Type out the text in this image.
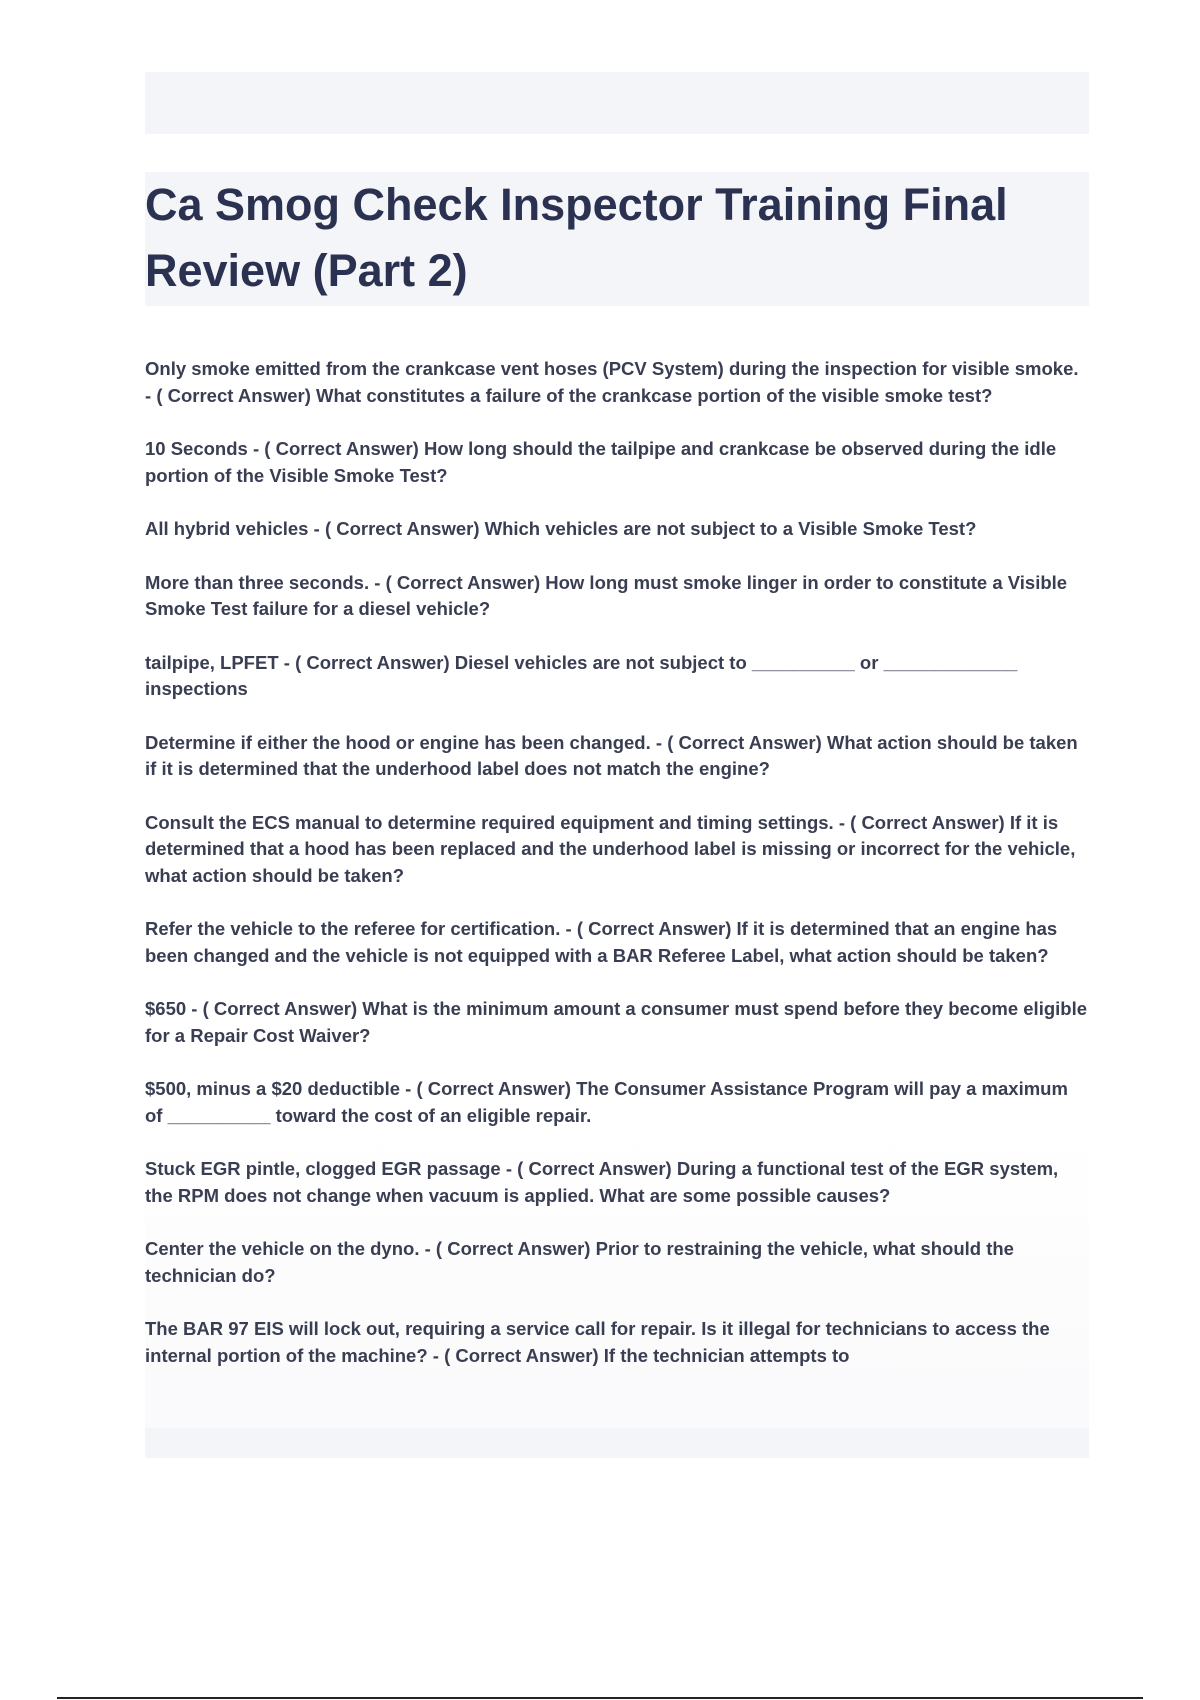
Ca Smog Check Inspector Training Final Review (Part 2)

Only smoke emitted from the crankcase vent hoses (PCV System) during the inspection for visible smoke. - ( Correct Answer) What constitutes a failure of the crankcase portion of the visible smoke test?

10 Seconds - ( Correct Answer) How long should the tailpipe and crankcase be observed during the idle portion of the Visible Smoke Test?

All hybrid vehicles - ( Correct Answer) Which vehicles are not subject to a Visible Smoke Test?

More than three seconds. - ( Correct Answer) How long must smoke linger in order to constitute a Visible Smoke Test failure for a diesel vehicle?

tailpipe, LPFET - ( Correct Answer) Diesel vehicles are not subject to __________ or _____________ inspections

Determine if either the hood or engine has been changed. - ( Correct Answer) What action should be taken if it is determined that the underhood label does not match the engine?

Consult the ECS manual to determine required equipment and timing settings. - ( Correct Answer) If it is determined that a hood has been replaced and the underhood label is missing or incorrect for the vehicle, what action should be taken?

Refer the vehicle to the referee for certification. - ( Correct Answer) If it is determined that an engine has been changed and the vehicle is not equipped with a BAR Referee Label, what action should be taken?

$650 - ( Correct Answer) What is the minimum amount a consumer must spend before they become eligible for a Repair Cost Waiver?

$500, minus a $20 deductible - ( Correct Answer) The Consumer Assistance Program will pay a maximum of __________ toward the cost of an eligible repair.

Stuck EGR pintle, clogged EGR passage - ( Correct Answer) During a functional test of the EGR system, the RPM does not change when vacuum is applied. What are some possible causes?

Center the vehicle on the dyno. - ( Correct Answer) Prior to restraining the vehicle, what should the technician do?

The BAR 97 EIS will lock out, requiring a service call for repair. Is it illegal for technicians to access the internal portion of the machine? - ( Correct Answer) If the technician attempts to
